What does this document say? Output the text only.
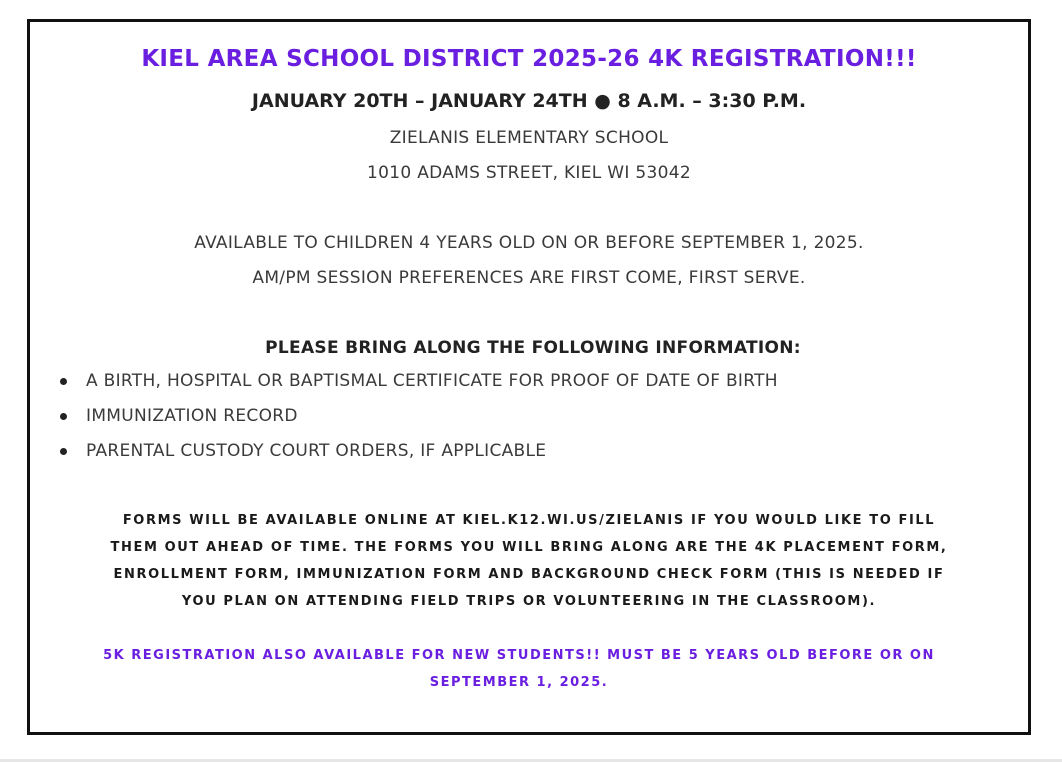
KIEL AREA SCHOOL DISTRICT 2025-26 4K REGISTRATION!!!
JANUARY 20TH – JANUARY 24TH ● 8 A.M. – 3:30 P.M.
ZIELANIS ELEMENTARY SCHOOL
1010 ADAMS STREET, KIEL WI 53042
AVAILABLE TO CHILDREN 4 YEARS OLD ON OR BEFORE SEPTEMBER 1, 2025.
AM/PM SESSION PREFERENCES ARE FIRST COME, FIRST SERVE.
PLEASE BRING ALONG THE FOLLOWING INFORMATION:
A BIRTH, HOSPITAL OR BAPTISMAL CERTIFICATE FOR PROOF OF DATE OF BIRTH
IMMUNIZATION RECORD
PARENTAL CUSTODY COURT ORDERS, IF APPLICABLE
FORMS WILL BE AVAILABLE ONLINE AT KIEL.K12.WI.US/ZIELANIS IF YOU WOULD LIKE TO FILL
THEM OUT AHEAD OF TIME. THE FORMS YOU WILL BRING ALONG ARE THE 4K PLACEMENT FORM,
ENROLLMENT FORM, IMMUNIZATION FORM AND BACKGROUND CHECK FORM (THIS IS NEEDED IF
YOU PLAN ON ATTENDING FIELD TRIPS OR VOLUNTEERING IN THE CLASSROOM).
5K REGISTRATION ALSO AVAILABLE FOR NEW STUDENTS!! MUST BE 5 YEARS OLD BEFORE OR ON
SEPTEMBER 1, 2025.
